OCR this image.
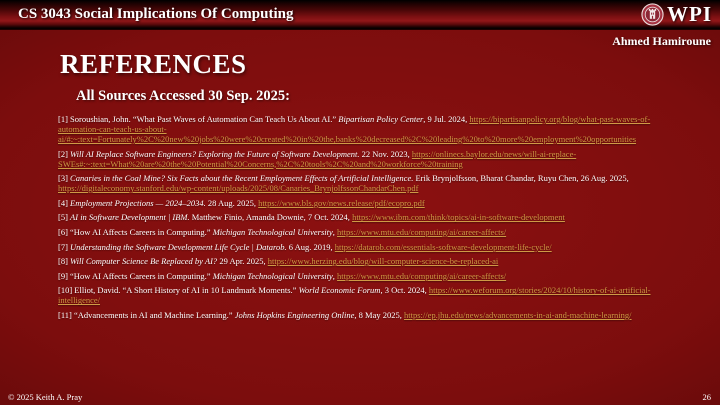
CS 3043 Social Implications Of Computing	WPI
Ahmed Hamiroune
REFERENCES
All Sources Accessed 30 Sep. 2025:

[1] Soroushian, John. “What Past Waves of Automation Can Teach Us About AI.” Bipartisan Policy Center, 9 Jul. 2024, https://bipartisanpolicy.org/blog/what-past-waves-of-automation-can-teach-us-about-ai/#:~:text=Fortunately%2C%20new%20jobs%20were%20created%20in%20the,banks%20decreased%2C%20leading%20to%20more%20employment%20opportunities

[2] Will AI Replace Software Engineers? Exploring the Future of Software Development. 22 Nov. 2023, https://onlinecs.baylor.edu/news/will-ai-replace-SWEs#:~:text=What%20are%20the%20Potential%20Concerns,%2C%20tools%2C%20and%20workforce%20training

[3] Canaries in the Coal Mine? Six Facts about the Recent Employment Effects of Artificial Intelligence. Erik Brynjolfsson, Bharat Chandar, Ruyu Chen, 26 Aug. 2025, https://digitaleconomy.stanford.edu/wp-content/uploads/2025/08/Canaries_BrynjolfssonChandarChen.pdf

[4] Employment Projections — 2024–2034. 28 Aug. 2025, https://www.bls.gov/news.release/pdf/ecopro.pdf

[5] AI in Software Development | IBM. Matthew Finio, Amanda Downie, 7 Oct. 2024, https://www.ibm.com/think/topics/ai-in-software-development

[6] “How AI Affects Careers in Computing.” Michigan Technological University, https://www.mtu.edu/computing/ai/career-affects/

[7] Understanding the Software Development Life Cycle | Datarob. 6 Aug. 2019, https://datarob.com/essentials-software-development-life-cycle/

[8] Will Computer Science Be Replaced by AI? 29 Apr. 2025, https://www.herzing.edu/blog/will-computer-science-be-replaced-ai

[9] “How AI Affects Careers in Computing.” Michigan Technological University, https://www.mtu.edu/computing/ai/career-affects/

[10] Elliot, David. “A Short History of AI in 10 Landmark Moments.” World Economic Forum, 3 Oct. 2024, https://www.weforum.org/stories/2024/10/history-of-ai-artificial-intelligence/

[11] “Advancements in AI and Machine Learning.” Johns Hopkins Engineering Online, 8 May 2025, https://ep.jhu.edu/news/advancements-in-ai-and-machine-learning/

© 2025 Keith A. Pray	26
